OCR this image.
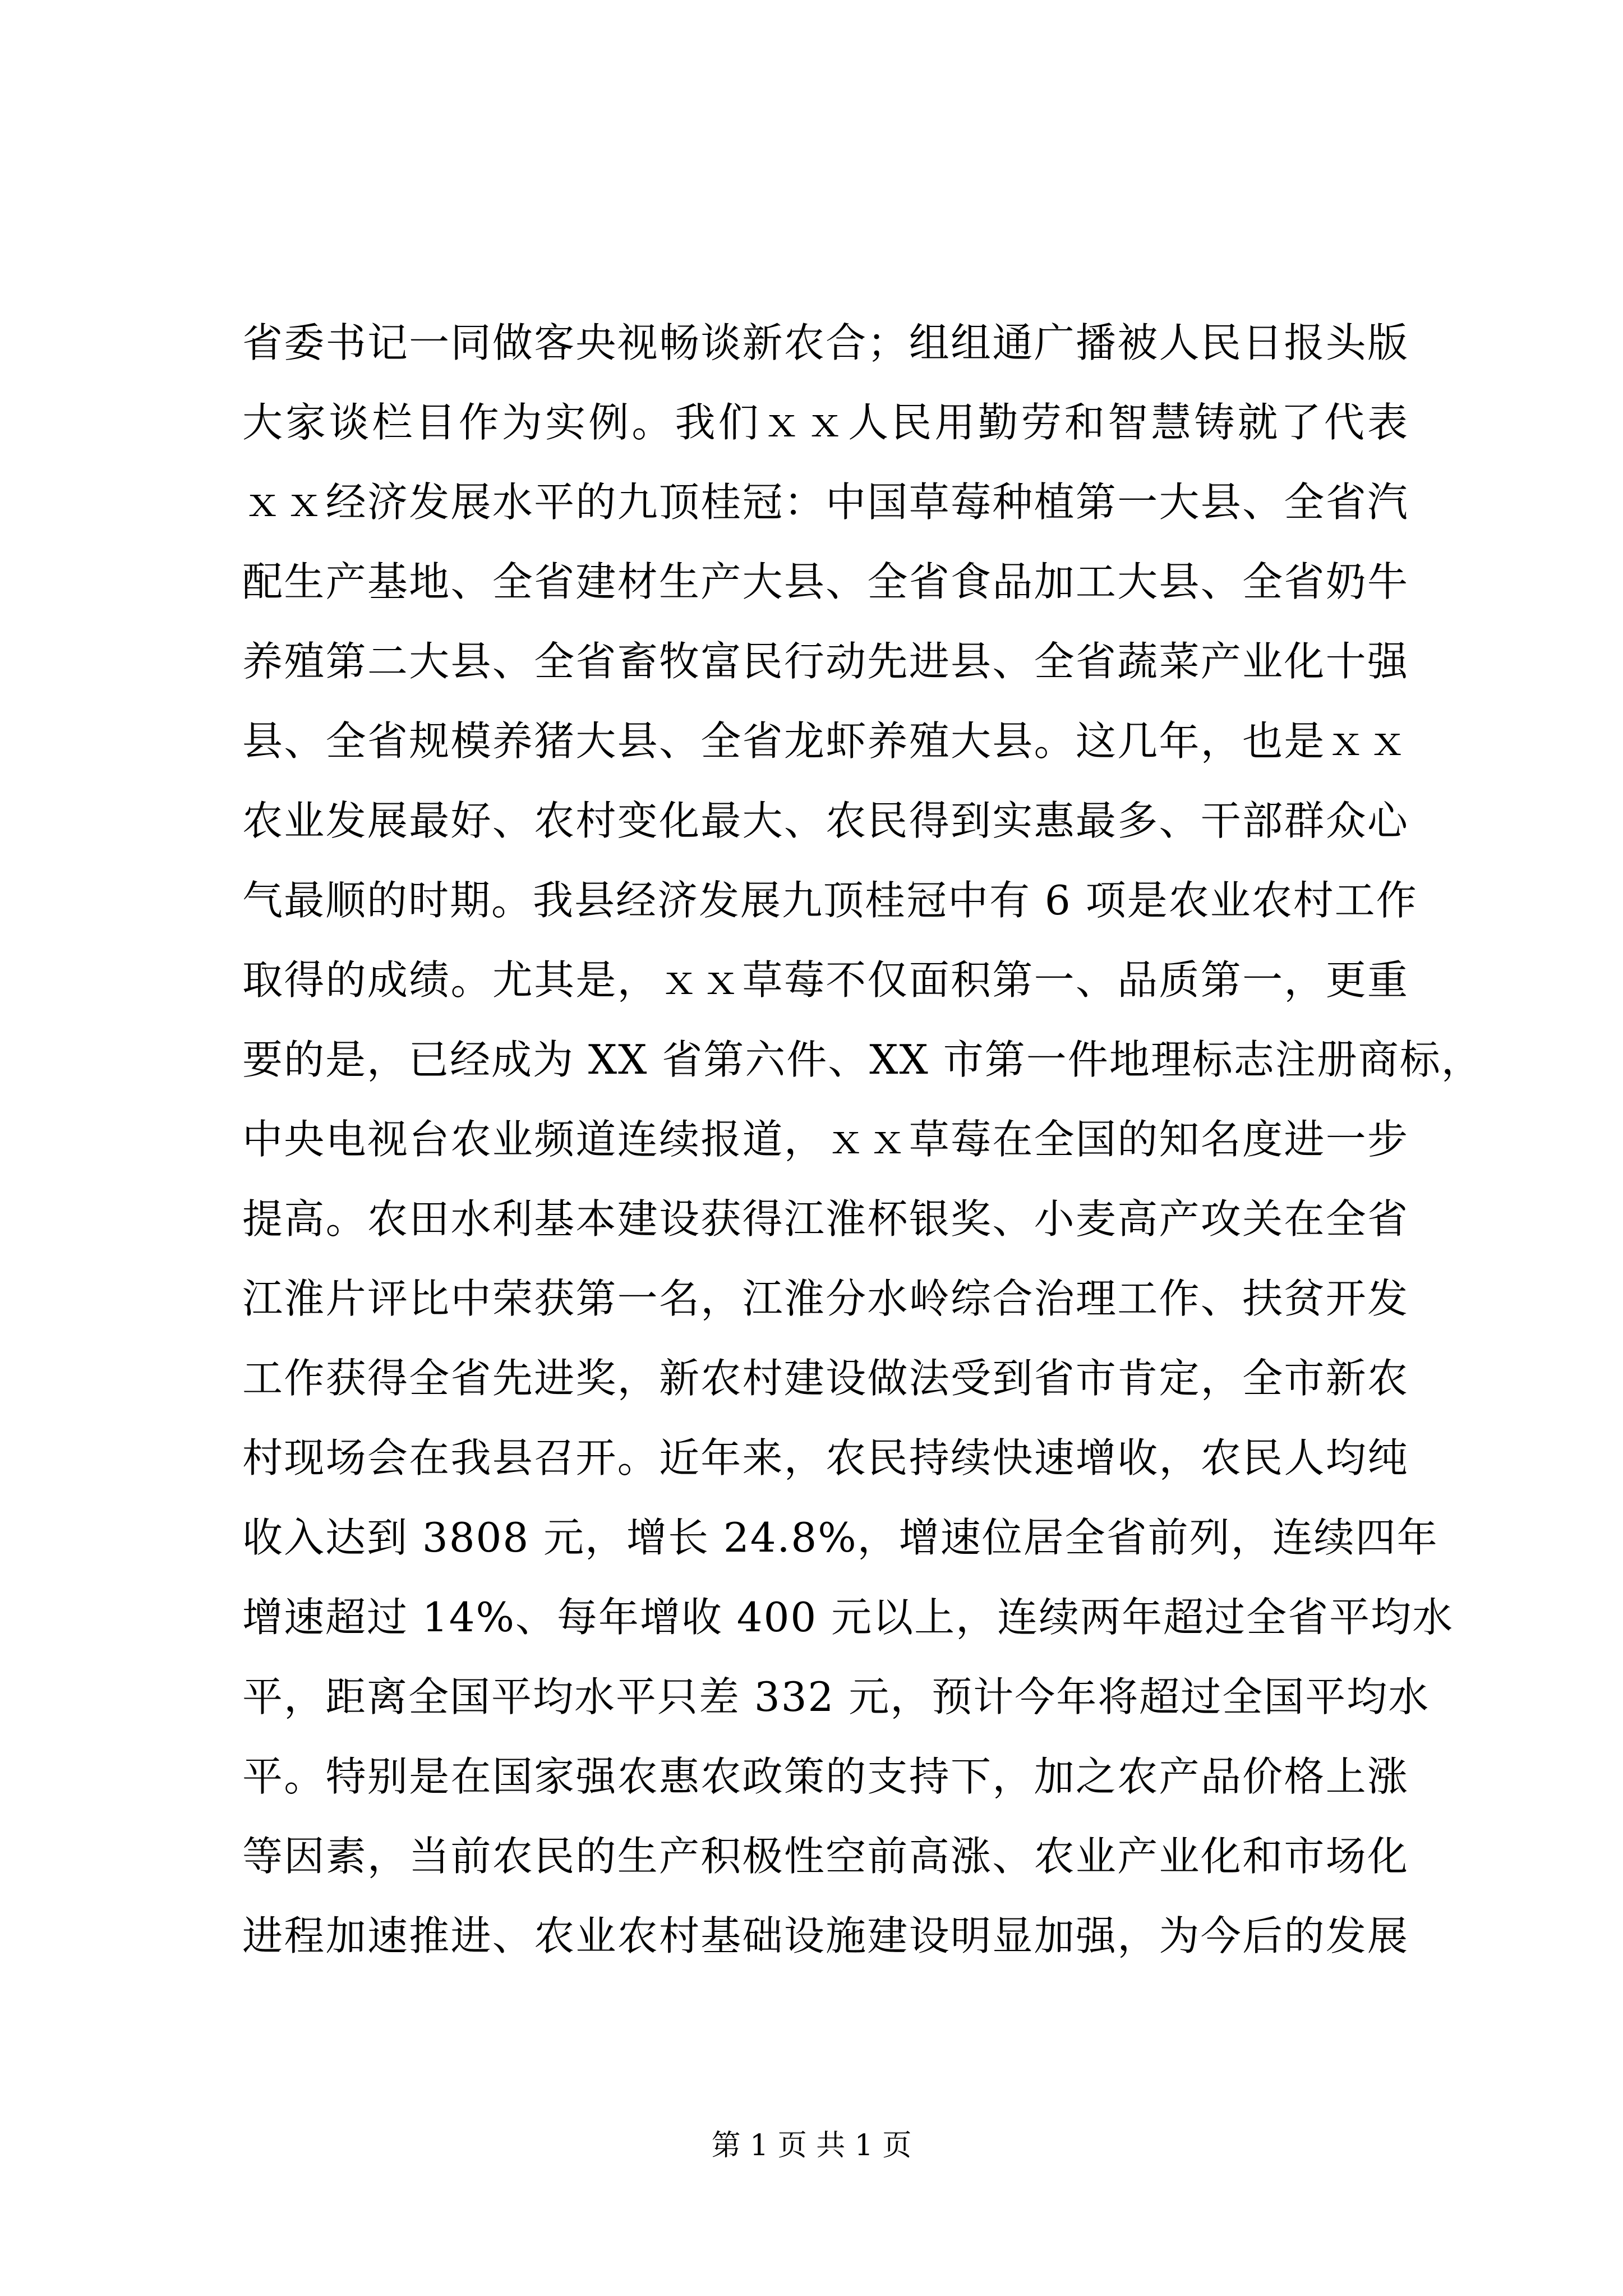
省委书记一同做客央视畅谈新农合；组组通广播被人民日报头版
大家谈栏目作为实例。我们ｘｘ人民用勤劳和智慧铸就了代表
ｘｘ经济发展水平的九顶桂冠：中国草莓种植第一大县、全省汽
配生产基地、全省建材生产大县、全省食品加工大县、全省奶牛
养殖第二大县、全省畜牧富民行动先进县、全省蔬菜产业化十强
县、全省规模养猪大县、全省龙虾养殖大县。这几年，也是ｘｘ
农业发展最好、农村变化最大、农民得到实惠最多、干部群众心
气最顺的时期。我县经济发展九顶桂冠中有 6 项是农业农村工作
取得的成绩。尤其是，ｘｘ草莓不仅面积第一、品质第一，更重
要的是，已经成为 XX 省第六件、XX 市第一件地理标志注册商标，
中央电视台农业频道连续报道，ｘｘ草莓在全国的知名度进一步
提高。农田水利基本建设获得江淮杯银奖、小麦高产攻关在全省
江淮片评比中荣获第一名，江淮分水岭综合治理工作、扶贫开发
工作获得全省先进奖，新农村建设做法受到省市肯定，全市新农
村现场会在我县召开。近年来，农民持续快速增收，农民人均纯
收入达到 3808 元，增长 24.8%，增速位居全省前列，连续四年
增速超过 14%、每年增收 400 元以上，连续两年超过全省平均水
平，距离全国平均水平只差 332 元，预计今年将超过全国平均水
平。特别是在国家强农惠农政策的支持下，加之农产品价格上涨
等因素，当前农民的生产积极性空前高涨、农业产业化和市场化
进程加速推进、农业农村基础设施建设明显加强，为今后的发展
第 1 页 共 1 页
